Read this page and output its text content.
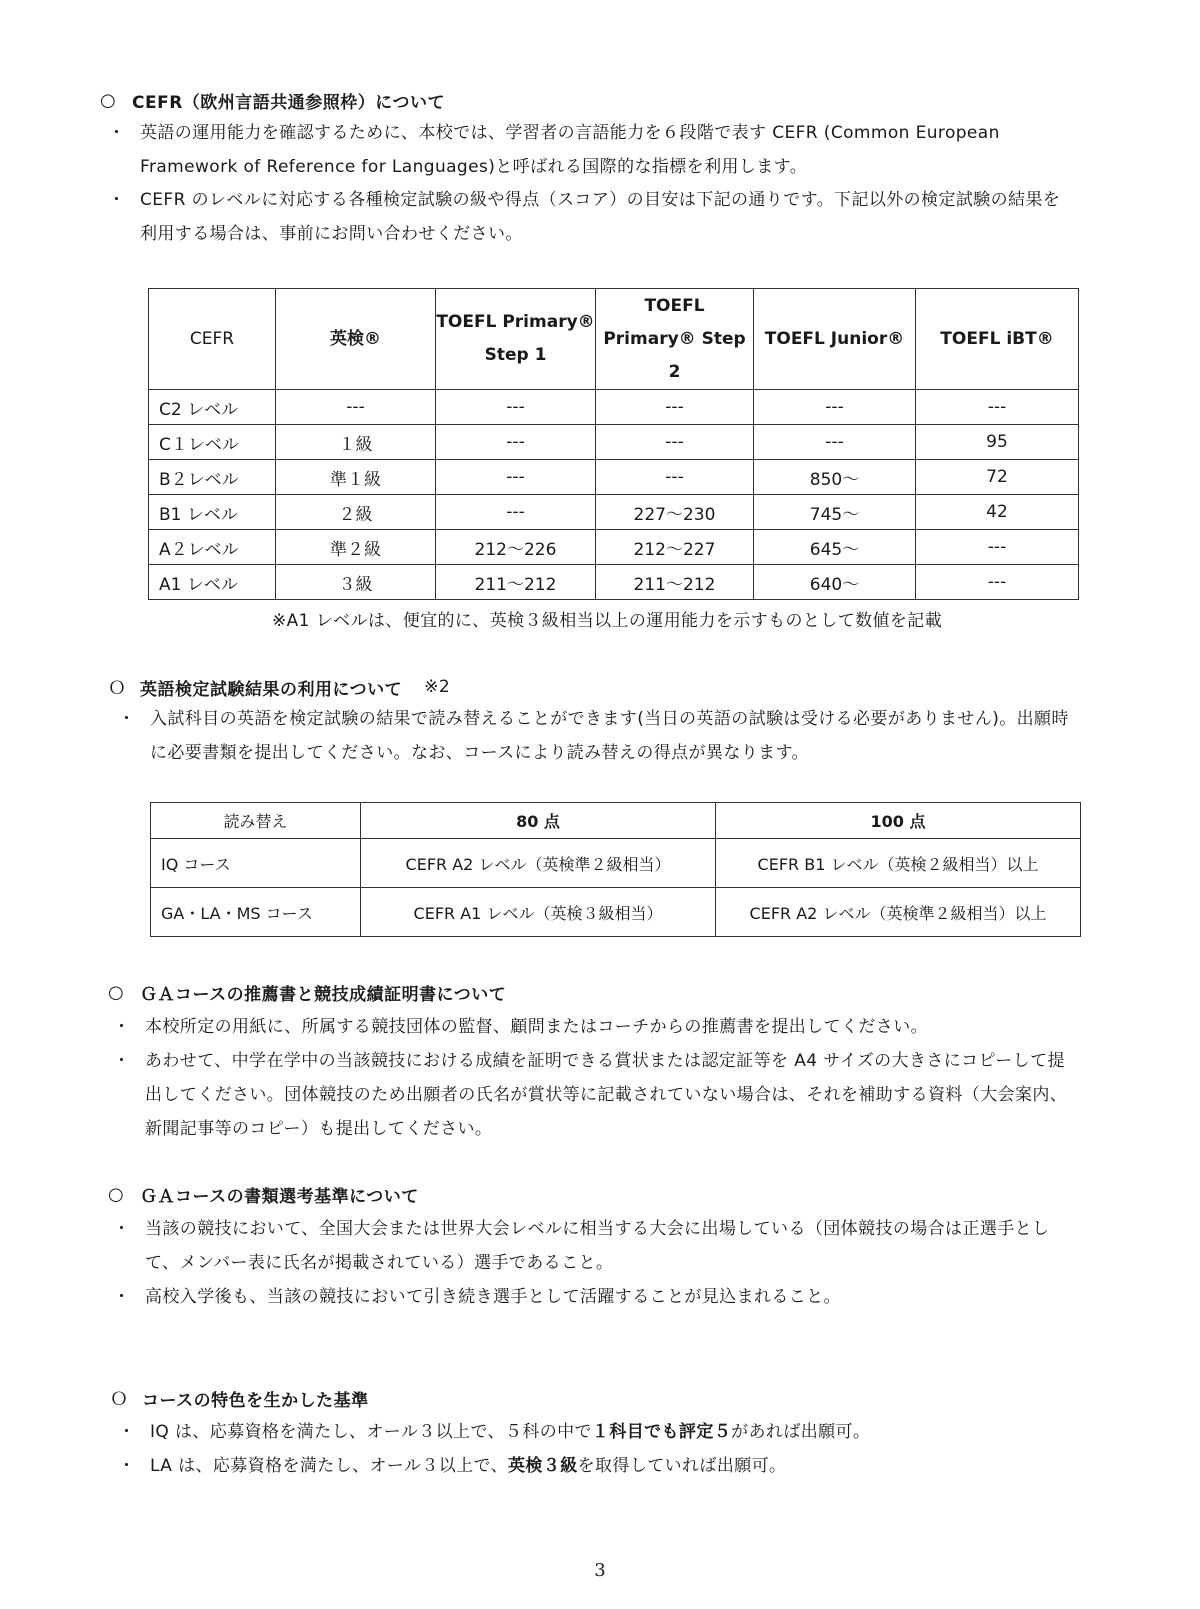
○ CEFR（欧州言語共通参照枠）について
・ 英語の運用能力を確認するために、本校では、学習者の言語能力を６段階で表す CEFR (Common European Framework of Reference for Languages)と呼ばれる国際的な指標を利用します。
・ CEFR のレベルに対応する各種検定試験の級や得点（スコア）の目安は下記の通りです。下記以外の検定試験の結果を利用する場合は、事前にお問い合わせください。
CEFR	英検®	TOEFL Primary® Step 1	TOEFL Primary® Step 2	TOEFL Junior®	TOEFL iBT®
C2 レベル	---	---	---	---	---
C１レベル	１級	---	---	---	95
B２レベル	準１級	---	---	850～	72
B1 レベル	２級	---	227～230	745～	42
A２レベル	準２級	212～226	212～227	645～	---
A1 レベル	３級	211～212	211～212	640～	---
※A1 レベルは、便宜的に、英検３級相当以上の運用能力を示すものとして数値を記載
Ｏ 英語検定試験結果の利用について ※2
・ 入試科目の英語を検定試験の結果で読み替えることができます(当日の英語の試験は受ける必要がありません)。出願時に必要書類を提出してください。なお、コースにより読み替えの得点が異なります。
読み替え	80 点	100 点
IQ コース	CEFR A2 レベル（英検準２級相当）	CEFR B1 レベル（英検２級相当）以上
GA・LA・MS コース	CEFR A1 レベル（英検３級相当）	CEFR A2 レベル（英検準２級相当）以上
○ ＧＡコースの推薦書と競技成績証明書について
・ 本校所定の用紙に、所属する競技団体の監督、顧問またはコーチからの推薦書を提出してください。
・ あわせて、中学在学中の当該競技における成績を証明できる賞状または認定証等を A4 サイズの大きさにコピーして提出してください。団体競技のため出願者の氏名が賞状等に記載されていない場合は、それを補助する資料（大会案内、新聞記事等のコピー）も提出してください。
○ ＧＡコースの書類選考基準について
・ 当該の競技において、全国大会または世界大会レベルに相当する大会に出場している（団体競技の場合は正選手として、メンバー表に氏名が掲載されている）選手であること。
・ 高校入学後も、当該の競技において引き続き選手として活躍することが見込まれること。
Ｏ コースの特色を生かした基準
・ IQ は、応募資格を満たし、オール３以上で、５科の中で１科目でも評定５があれば出願可。
・ LA は、応募資格を満たし、オール３以上で、英検３級を取得していれば出願可。
3
